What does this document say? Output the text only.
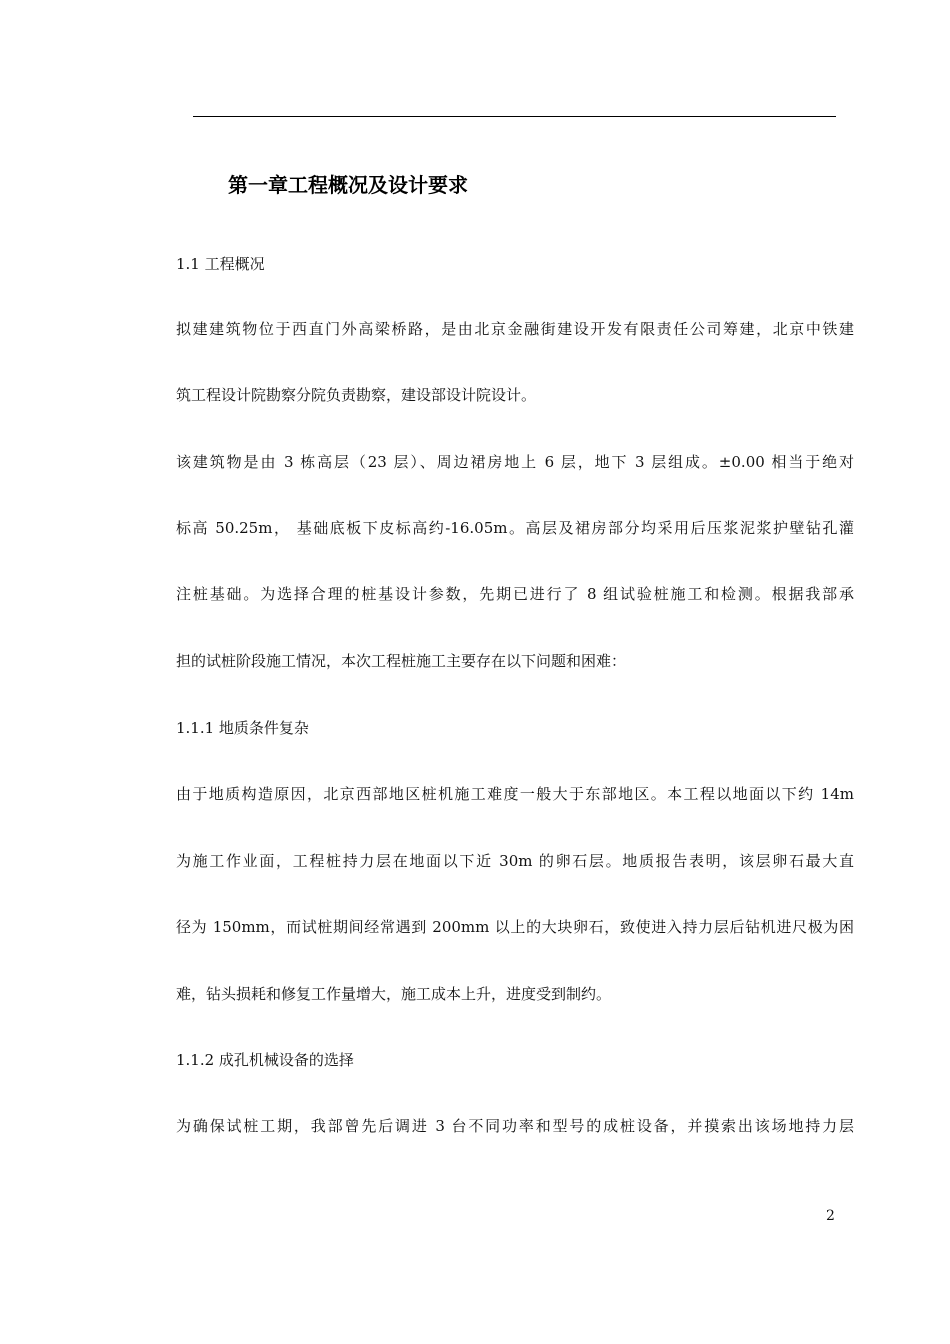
第一章工程概况及设计要求
1.1 工程概况
拟建建筑物位于西直门外高梁桥路，是由北京金融街建设开发有限责任公司筹建，北京中铁建
筑工程设计院勘察分院负责勘察，建设部设计院设计。
该建筑物是由 3 栋高层（23 层）、周边裙房地上 6 层，地下 3 层组成。±0.00 相当于绝对
标高 50.25m， 基础底板下皮标高约-16.05m。高层及裙房部分均采用后压浆泥浆护壁钻孔灌
注桩基础。为选择合理的桩基设计参数，先期已进行了 8 组试验桩施工和检测。根据我部承
担的试桩阶段施工情况，本次工程桩施工主要存在以下问题和困难：
1.1.1 地质条件复杂
由于地质构造原因，北京西部地区桩机施工难度一般大于东部地区。本工程以地面以下约 14m
为施工作业面，工程桩持力层在地面以下近 30m 的卵石层。地质报告表明，该层卵石最大直
径为 150mm，而试桩期间经常遇到 200mm 以上的大块卵石，致使进入持力层后钻机进尺极为困
难，钻头损耗和修复工作量增大，施工成本上升，进度受到制约。
1.1.2 成孔机械设备的选择
为确保试桩工期，我部曾先后调进 3 台不同功率和型号的成桩设备，并摸索出该场地持力层
2
